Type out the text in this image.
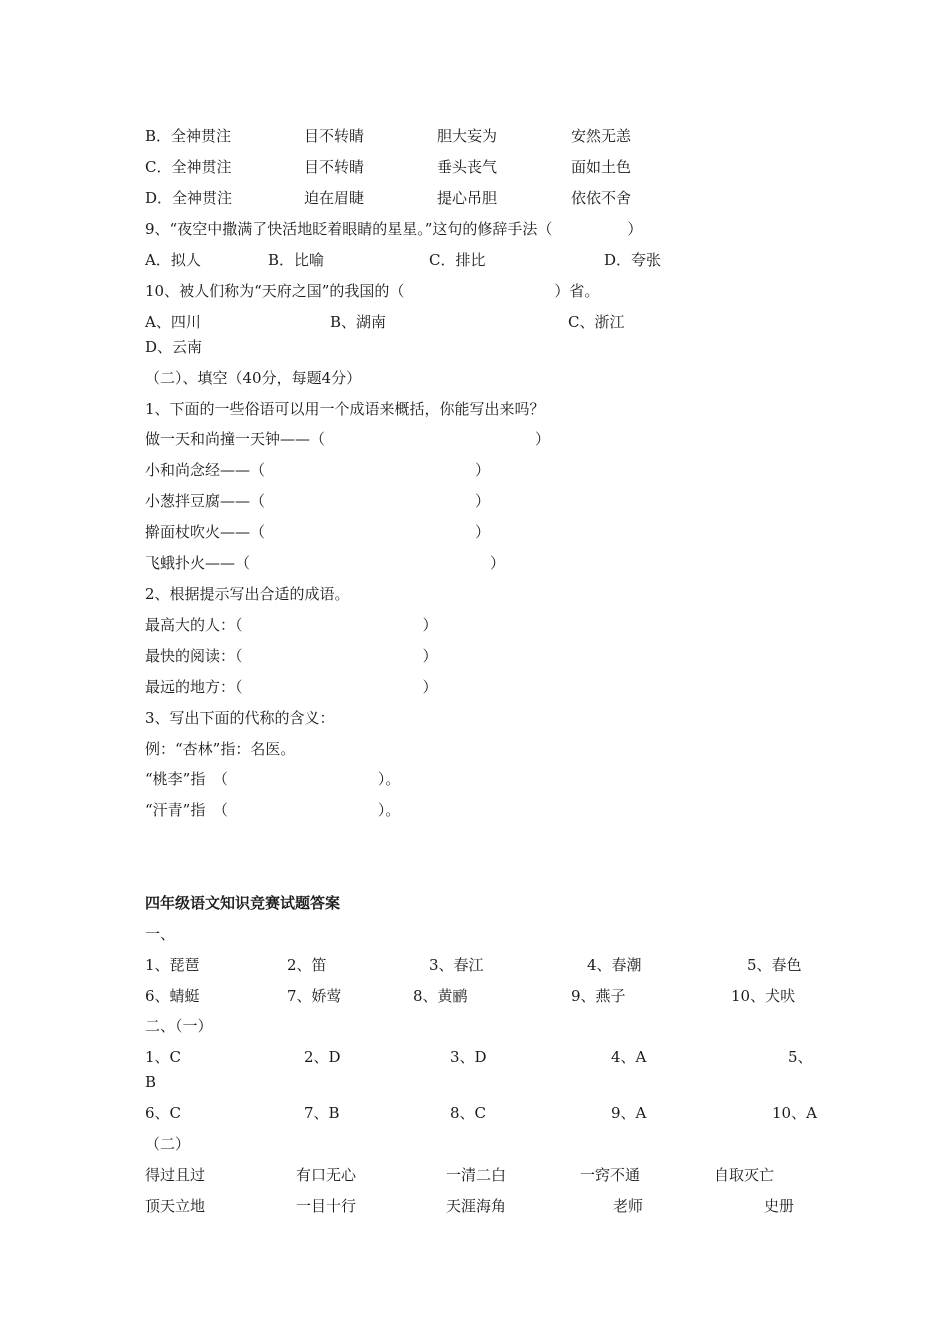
B．全神贯注	目不转睛	胆大妄为	安然无恙
C．全神贯注	目不转睛	垂头丧气	面如土色
D．全神贯注	迫在眉睫	提心吊胆	依依不舍
9、“夜空中撒满了快活地眨着眼睛的星星。”这句的修辞手法（　　　　　）
A．拟人	B．比喻	C．排比	D．夸张
10、被人们称为“天府之国”的我国的（　　　　　　　　　　）省。
A、四川	B、湖南	C、浙江
D、云南
（二）、填空（40分，每题4分）
1、下面的一些俗语可以用一个成语来概括，你能写出来吗？
做一天和尚撞一天钟——（　　　　　　　　　　　　　　）
小和尚念经——（　　　　　　　　　　　　　　）
小葱拌豆腐——（　　　　　　　　　　　　　　）
擀面杖吹火——（　　　　　　　　　　　　　　）
飞蛾扑火——（　　　　　　　　　　　　　　　　）
2、根据提示写出合适的成语。
最高大的人：（　　　　　　　　　　　　）
最快的阅读：（　　　　　　　　　　　　）
最远的地方：（　　　　　　　　　　　　）
3、写出下面的代称的含义：
例：“杏林”指：名医。
“桃李”指　（　　　　　　　　　　）。
“汗青”指　（　　　　　　　　　　）。
四年级语文知识竞赛试题答案
一、
1、琵琶	2、笛	3、春江	4、春潮	5、春色
6、蜻蜓	7、娇莺	8、黄鹂	9、燕子	10、犬吠
二、（一）
1、C	2、D	3、D	4、A	5、
B
6、C	7、B	8、C	9、A	10、A
（二）
得过且过	有口无心	一清二白	一窍不通	自取灭亡
顶天立地	一目十行	天涯海角	老师	史册
